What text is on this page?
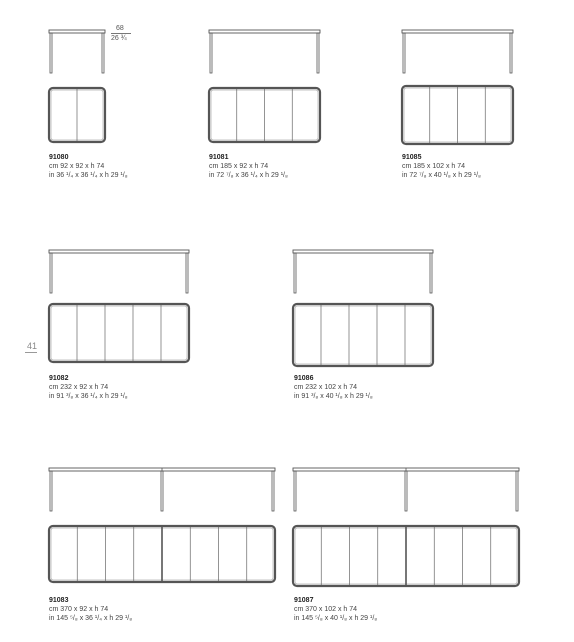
68
26 ¾
41
91080
cm 92 x 92 x h 74
in 36 ¹/₄ x 36 ¹/₄ x h 29 ¹/₈
91081
cm 185 x 92 x h 74
in 72 ⁷/₈ x 36 ¹/₄ x h 29 ¹/₈
91085
cm 185 x 102 x h 74
in 72 ⁷/₈ x 40 ¹/₈ x h 29 ¹/₈
91082
cm 232 x 92 x h 74
in 91 ³/₈ x 36 ¹/₄ x h 29 ¹/₈
91086
cm 232 x 102 x h 74
in 91 ³/₈ x 40 ¹/₈ x h 29 ¹/₈
91083
cm 370 x 92 x h 74
in 145 ⁵/₈ x 36 ¹/₄ x h 29 ¹/₈
91087
cm 370 x 102 x h 74
in 145 ⁵/₈ x 40 ¹/₈ x h 29 ¹/₈
